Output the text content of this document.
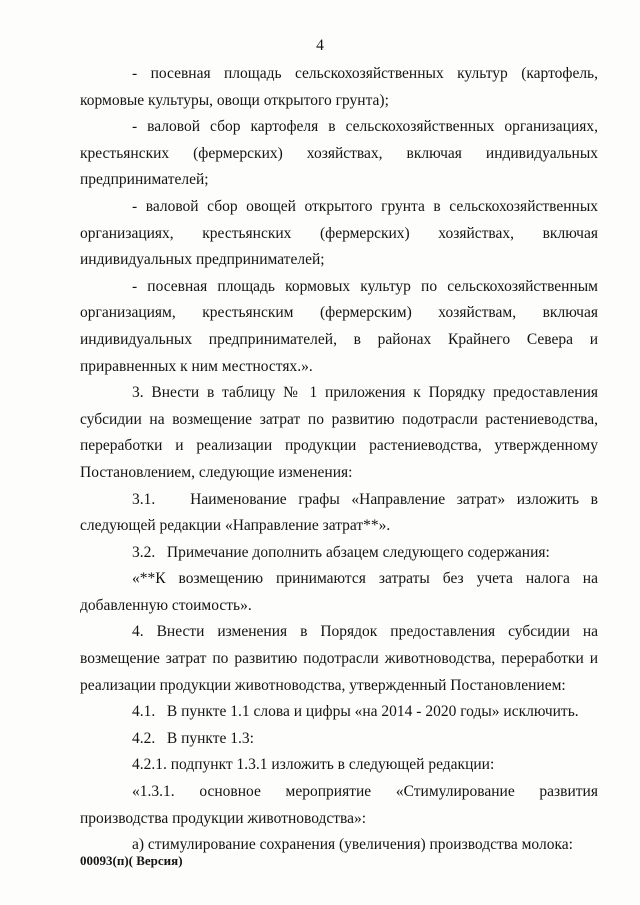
4

- посевная площадь сельскохозяйственных культур (картофель, кормовые культуры, овощи открытого грунта);

- валовой сбор картофеля в сельскохозяйственных организациях, крестьянских (фермерских) хозяйствах, включая индивидуальных предпринимателей;

- валовой сбор овощей открытого грунта в сельскохозяйственных организациях, крестьянских (фермерских) хозяйствах, включая индивидуальных предпринимателей;

- посевная площадь кормовых культур по сельскохозяйственным организациям, крестьянским (фермерским) хозяйствам, включая индивидуальных предпринимателей, в районах Крайнего Севера и приравненных к ним местностях.».

3. Внести в таблицу № 1 приложения к Порядку предоставления субсидии на возмещение затрат по развитию подотрасли растениеводства, переработки и реализации продукции растениеводства, утвержденному Постановлением, следующие изменения:

3.1.   Наименование графы «Направление затрат» изложить в следующей редакции «Направление затрат**».

3.2.   Примечание дополнить абзацем следующего содержания:

«**К возмещению принимаются затраты без учета налога на добавленную стоимость».

4. Внести изменения в Порядок предоставления субсидии на возмещение затрат по развитию подотрасли животноводства, переработки и реализации продукции животноводства, утвержденный Постановлением:

4.1.   В пункте 1.1 слова и цифры «на 2014 - 2020 годы» исключить.

4.2.   В пункте 1.3:

4.2.1. подпункт 1.3.1 изложить в следующей редакции:

«1.3.1. основное мероприятие «Стимулирование развития производства продукции животноводства»:

а) стимулирование сохранения (увеличения) производства молока:

00093(п)( Версия)
